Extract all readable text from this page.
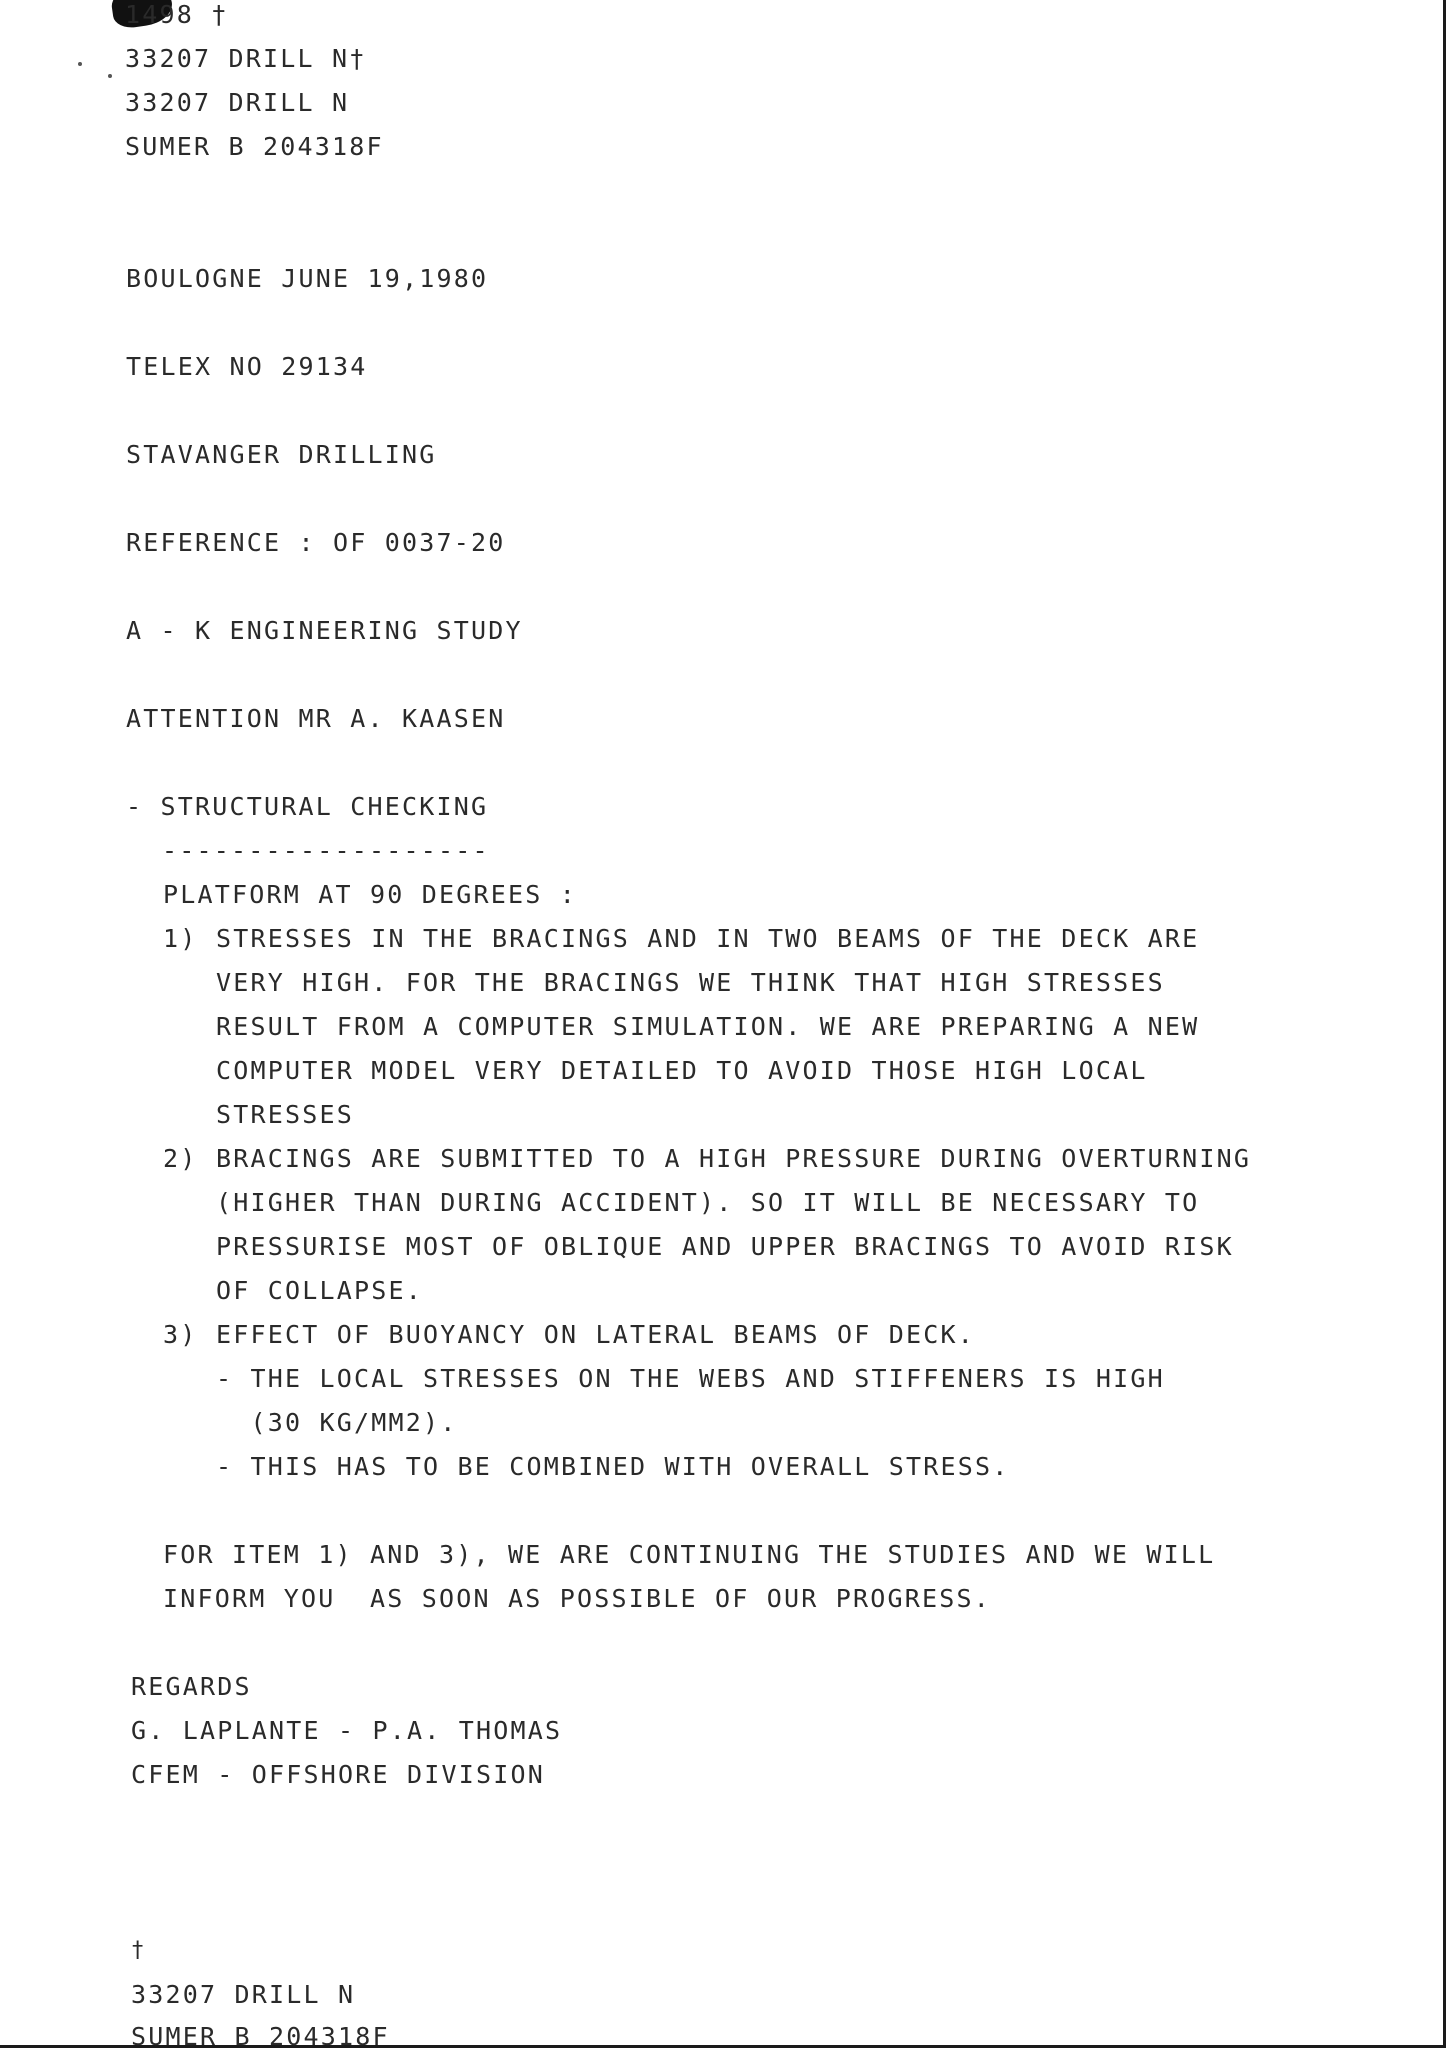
1498 †
33207 DRILL N†
33207 DRILL N
SUMER B 204318F
BOULOGNE JUNE 19,1980
TELEX NO 29134
STAVANGER DRILLING
REFERENCE : OF 0037-20
A - K ENGINEERING STUDY
ATTENTION MR A. KAASEN
- STRUCTURAL CHECKING
-------------------
PLATFORM AT 90 DEGREES :
1) STRESSES IN THE BRACINGS AND IN TWO BEAMS OF THE DECK ARE
VERY HIGH. FOR THE BRACINGS WE THINK THAT HIGH STRESSES
RESULT FROM A COMPUTER SIMULATION. WE ARE PREPARING A NEW
COMPUTER MODEL VERY DETAILED TO AVOID THOSE HIGH LOCAL
STRESSES
2) BRACINGS ARE SUBMITTED TO A HIGH PRESSURE DURING OVERTURNING
(HIGHER THAN DURING ACCIDENT). SO IT WILL BE NECESSARY TO
PRESSURISE MOST OF OBLIQUE AND UPPER BRACINGS TO AVOID RISK
OF COLLAPSE.
3) EFFECT OF BUOYANCY ON LATERAL BEAMS OF DECK.
- THE LOCAL STRESSES ON THE WEBS AND STIFFENERS IS HIGH
(30 KG/MM2).
- THIS HAS TO BE COMBINED WITH OVERALL STRESS.
FOR ITEM 1) AND 3), WE ARE CONTINUING THE STUDIES AND WE WILL
INFORM YOU  AS SOON AS POSSIBLE OF OUR PROGRESS.
REGARDS
G. LAPLANTE - P.A. THOMAS
CFEM - OFFSHORE DIVISION
†
33207 DRILL N
SUMER B 204318F
